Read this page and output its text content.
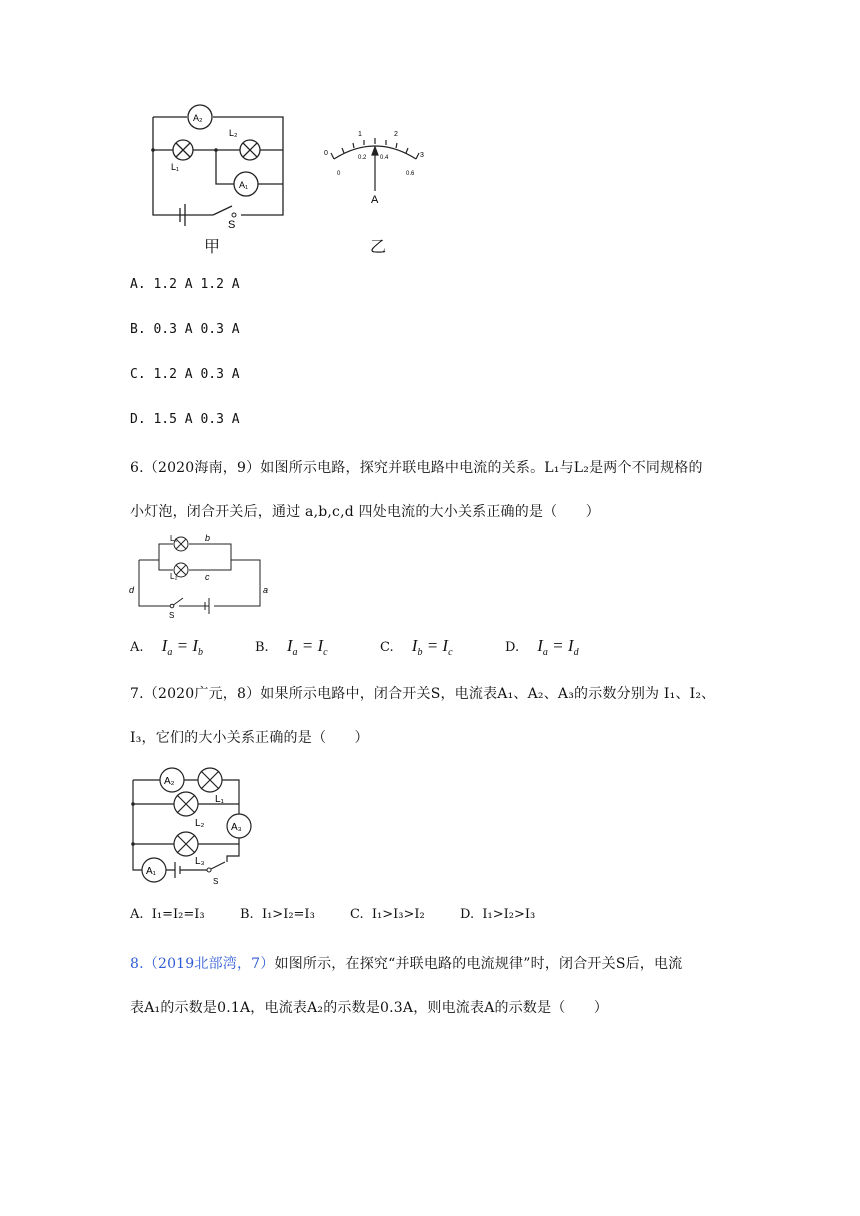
A₂
A₁
L₂
L₁
S
甲
0
1	2
3
0
0.2 0.4
0.6
A
乙
A. 1.2 A 1.2 A
B. 0.3 A 0.3 A
C. 1.2 A 0.3 A
D. 1.5 A 0.3 A
6.（2020海南，9）如图所示电路，探究并联电路中电流的关系。L₁与L₂是两个不同规格的
小灯泡，闭合开关后，通过 a,b,c,d 四处电流的大小关系正确的是（　　）
L₁
L₂
b
c
d	a
S
A. $I_a = I_b$	B. $I_a = I_c$	C. $I_b = I_c$	D. $I_a = I_d$
7.（2020广元，8）如果所示电路中，闭合开关S，电流表A₁、A₂、A₃的示数分别为 I₁、I₂、
I₃，它们的大小关系正确的是（　　）
A₂
L₁
L₂	A₃
L₃
A₁
S
A.  I₁=I₂=I₃	B.  I₁>I₂=I₃	C.  I₁>I₃>I₂	D.  I₁>I₂>I₃
8.（2019北部湾，7）如图所示，在探究“并联电路的电流规律”时，闭合开关S后，电流
表A₁的示数是0.1A，电流表A₂的示数是0.3A，则电流表A的示数是（　　）
